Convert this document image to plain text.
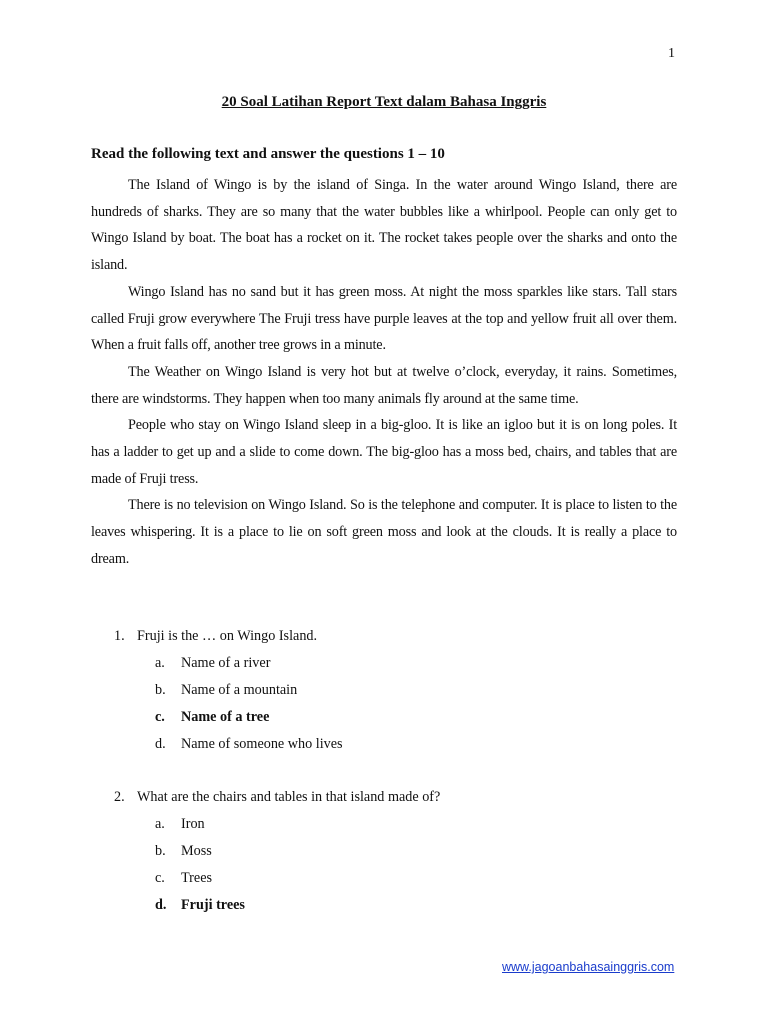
1
20 Soal Latihan Report Text dalam Bahasa Inggris
Read the following text and answer the questions 1 – 10

The Island of Wingo is by the island of Singa. In the water around Wingo Island, there are hundreds of sharks. They are so many that the water bubbles like a whirlpool. People can only get to Wingo Island by boat. The boat has a rocket on it. The rocket takes people over the sharks and onto the island.

Wingo Island has no sand but it has green moss. At night the moss sparkles like stars. Tall stars called Fruji grow everywhere The Fruji tress have purple leaves at the top and yellow fruit all over them. When a fruit falls off, another tree grows in a minute.

The Weather on Wingo Island is very hot but at twelve o’clock, everyday, it rains. Sometimes, there are windstorms. They happen when too many animals fly around at the same time.

People who stay on Wingo Island sleep in a big-gloo. It is like an igloo but it is on long poles. It has a ladder to get up and a slide to come down. The big-gloo has a moss bed, chairs, and tables that are made of Fruji tress.

There is no television on Wingo Island. So is the telephone and computer. It is place to listen to the leaves whispering. It is a place to lie on soft green moss and look at the clouds. It is really a place to dream.

1. Fruji is the … on Wingo Island.
a.	Name of a river
b.	Name of a mountain
c.	Name of a tree
d.	Name of someone who lives
2. What are the chairs and tables in that island made of?
a.	Iron
b.	Moss
c.	Trees
d.	Fruji trees
www.jagoanbahasainggris.com
